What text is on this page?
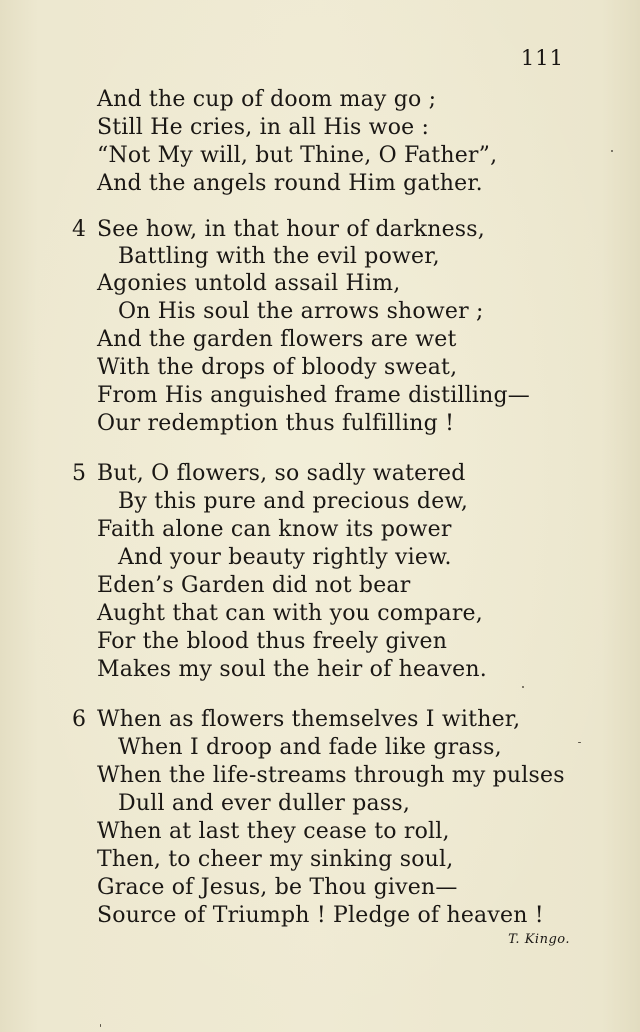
111
And the cup of doom may go ;
Still He cries, in all His woe :
“Not My will, but Thine, O Father”,
And the angels round Him gather.
4 See how, in that hour of darkness,
Battling with the evil power,
Agonies untold assail Him,
On His soul the arrows shower ;
And the garden flowers are wet
With the drops of bloody sweat,
From His anguished frame distilling—
Our redemption thus fulfilling !
5 But, O flowers, so sadly watered
By this pure and precious dew,
Faith alone can know its power
And your beauty rightly view.
Eden’s Garden did not bear
Aught that can with you compare,
For the blood thus freely given
Makes my soul the heir of heaven.
6 When as flowers themselves I wither,
When I droop and fade like grass,
When the life-streams through my pulses
Dull and ever duller pass,
When at last they cease to roll,
Then, to cheer my sinking soul,
Grace of Jesus, be Thou given—
Source of Triumph ! Pledge of heaven !
T. Kingo.
